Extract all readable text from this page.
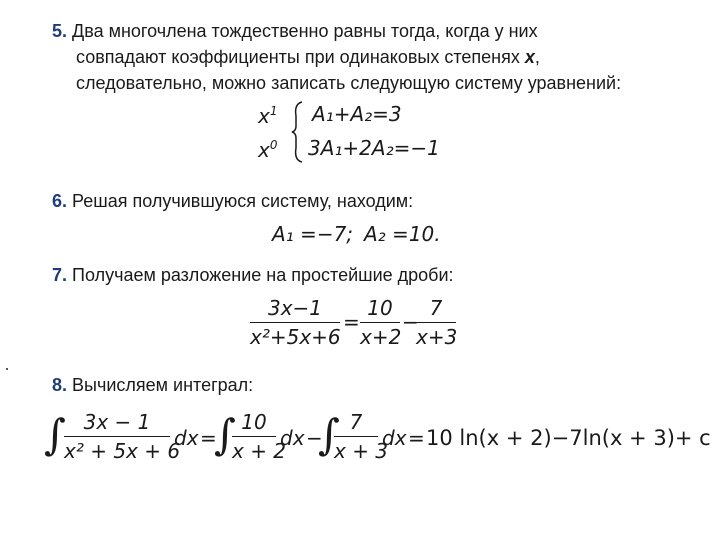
5. Два многочлена тождественно равны тогда, когда у них
совпадают коэффициенты при одинаковых степенях x,
следовательно, можно записать следующую систему уравнений:
$x^1$
$x^0$
A₁+A₂=3
3A₁+2A₂=−1
6. Решая получившуюся систему, находим:
A₁ =−7; A₂ =10.
7. Получаем разложение на простейшие дроби:
3x−1
x²+5x+6
=
10
x+2
−
7
x+3
8. Вычисляем интеграл:
∫ 3x − 1
x² + 5x + 6
dx =
∫ 10
x + 2
dx −
∫ 7
x + 3
dx = 10 ln(x + 2)−7ln(x + 3)+ c
